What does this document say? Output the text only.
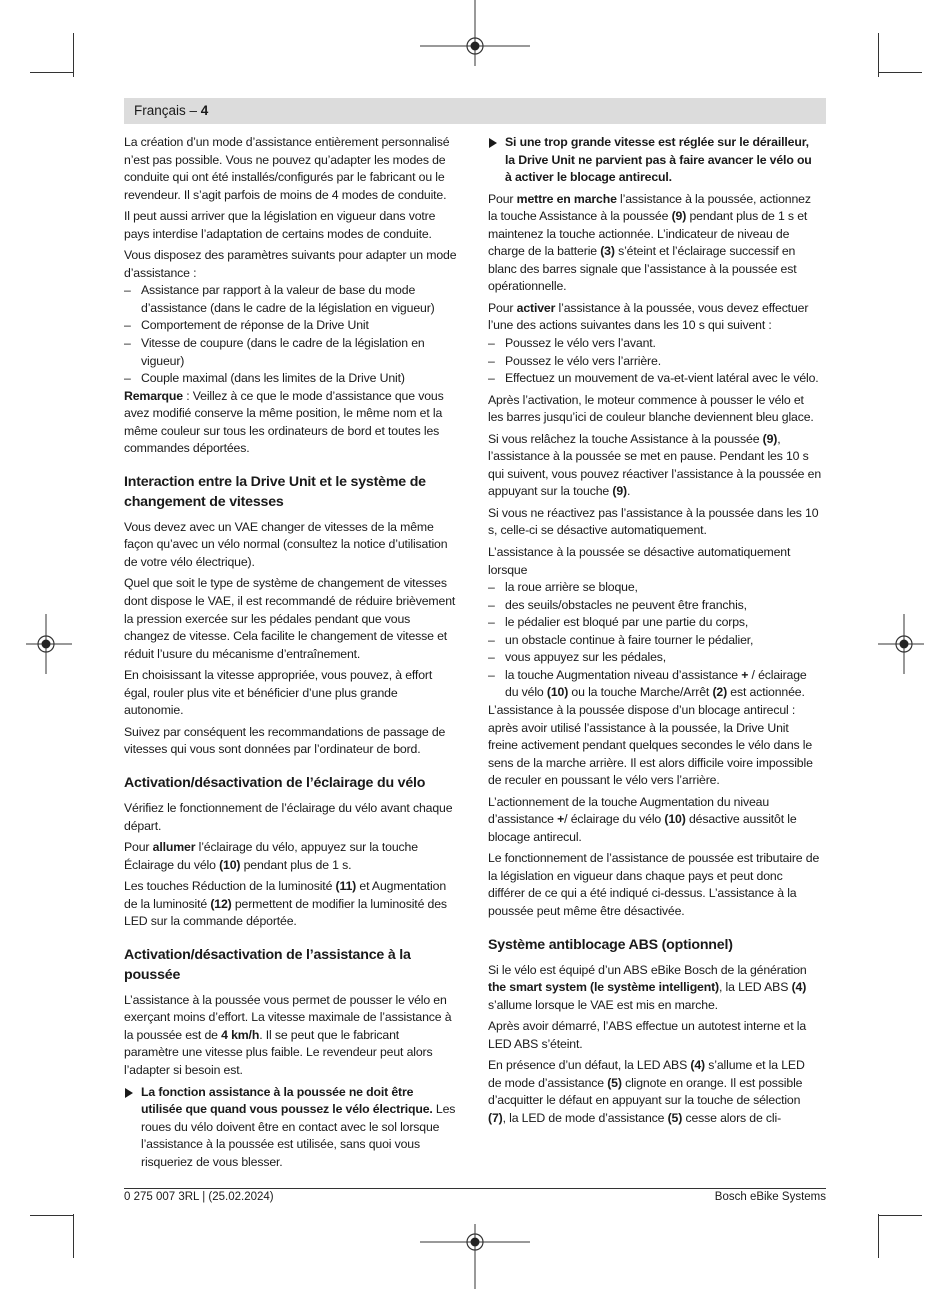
Français – 4

La création d’un mode d’assistance entièrement personnalisé n’est pas possible. Vous ne pouvez qu’adapter les modes de conduite qui ont été installés/configurés par le fabricant ou le revendeur. Il s’agit parfois de moins de 4 modes de conduite.

Il peut aussi arriver que la législation en vigueur dans votre pays interdise l’adaptation de certains modes de conduite.

Vous disposez des paramètres suivants pour adapter un mode d’assistance :

– Assistance par rapport à la valeur de base du mode d’assistance (dans le cadre de la législation en vigueur)
– Comportement de réponse de la Drive Unit
– Vitesse de coupure (dans le cadre de la législation en vigueur)
– Couple maximal (dans les limites de la Drive Unit)

Remarque : Veillez à ce que le mode d’assistance que vous avez modifié conserve la même position, le même nom et la même couleur sur tous les ordinateurs de bord et toutes les commandes déportées.

Interaction entre la Drive Unit et le système de changement de vitesses

Vous devez avec un VAE changer de vitesses de la même façon qu’avec un vélo normal (consultez la notice d’utilisation de votre vélo électrique).

Quel que soit le type de système de changement de vitesses dont dispose le VAE, il est recommandé de réduire brièvement la pression exercée sur les pédales pendant que vous changez de vitesse. Cela facilite le changement de vitesse et réduit l’usure du mécanisme d’entraînement.

En choisissant la vitesse appropriée, vous pouvez, à effort égal, rouler plus vite et bénéficier d’une plus grande autonomie.

Suivez par conséquent les recommandations de passage de vitesses qui vous sont données par l’ordinateur de bord.

Activation/désactivation de l’éclairage du vélo

Vérifiez le fonctionnement de l’éclairage du vélo avant chaque départ.

Pour allumer l’éclairage du vélo, appuyez sur la touche Éclairage du vélo (10) pendant plus de 1 s.

Les touches Réduction de la luminosité (11) et Augmentation de la luminosité (12) permettent de modifier la luminosité des LED sur la commande déportée.

Activation/désactivation de l’assistance à la poussée

L’assistance à la poussée vous permet de pousser le vélo en exerçant moins d’effort. La vitesse maximale de l’assistance à la poussée est de 4 km/h. Il se peut que le fabricant paramètre une vitesse plus faible. Le revendeur peut alors l’adapter si besoin est.

La fonction assistance à la poussée ne doit être utilisée que quand vous poussez le vélo électrique. Les roues du vélo doivent être en contact avec le sol lorsque l’assistance à la poussée est utilisée, sans quoi vous risqueriez de vous blesser.
Si une trop grande vitesse est réglée sur le dérailleur, la Drive Unit ne parvient pas à faire avancer le vélo ou à activer le blocage antirecul.

Pour mettre en marche l’assistance à la poussée, actionnez la touche Assistance à la poussée (9) pendant plus de 1 s et maintenez la touche actionnée. L’indicateur de niveau de charge de la batterie (3) s’éteint et l’éclairage successif en blanc des barres signale que l’assistance à la poussée est opérationnelle.

Pour activer l’assistance à la poussée, vous devez effectuer l’une des actions suivantes dans les 10 s qui suivent :

– Poussez le vélo vers l’avant.
– Poussez le vélo vers l’arrière.
– Effectuez un mouvement de va-et-vient latéral avec le vélo.

Après l’activation, le moteur commence à pousser le vélo et les barres jusqu’ici de couleur blanche deviennent bleu glace.

Si vous relâchez la touche Assistance à la poussée (9), l’assistance à la poussée se met en pause. Pendant les 10 s qui suivent, vous pouvez réactiver l’assistance à la poussée en appuyant sur la touche (9).

Si vous ne réactivez pas l’assistance à la poussée dans les 10 s, celle-ci se désactive automatiquement.

L’assistance à la poussée se désactive automatiquement lorsque

– la roue arrière se bloque,
– des seuils/obstacles ne peuvent être franchis,
– le pédalier est bloqué par une partie du corps,
– un obstacle continue à faire tourner le pédalier,
– vous appuyez sur les pédales,
– la touche Augmentation niveau d’assistance + / éclairage du vélo (10) ou la touche Marche/Arrêt (2) est actionnée.

L’assistance à la poussée dispose d’un blocage antirecul : après avoir utilisé l’assistance à la poussée, la Drive Unit freine activement pendant quelques secondes le vélo dans le sens de la marche arrière. Il est alors difficile voire impossible de reculer en poussant le vélo vers l’arrière.

L’actionnement de la touche Augmentation du niveau d’assistance +/ éclairage du vélo (10) désactive aussitôt le blocage antirecul.

Le fonctionnement de l’assistance de poussée est tributaire de la législation en vigueur dans chaque pays et peut donc différer de ce qui a été indiqué ci-dessus. L’assistance à la poussée peut même être désactivée.

Système antiblocage ABS (optionnel)

Si le vélo est équipé d’un ABS eBike Bosch de la génération the smart system (le système intelligent), la LED ABS (4) s’allume lorsque le VAE est mis en marche.

Après avoir démarré, l’ABS effectue un autotest interne et la LED ABS s’éteint.

En présence d’un défaut, la LED ABS (4) s’allume et la LED de mode d’assistance (5) clignote en orange. Il est possible d’acquitter le défaut en appuyant sur la touche de sélection (7), la LED de mode d’assistance (5) cesse alors de cli-

0 275 007 3RL | (25.02.2024)	Bosch eBike Systems
